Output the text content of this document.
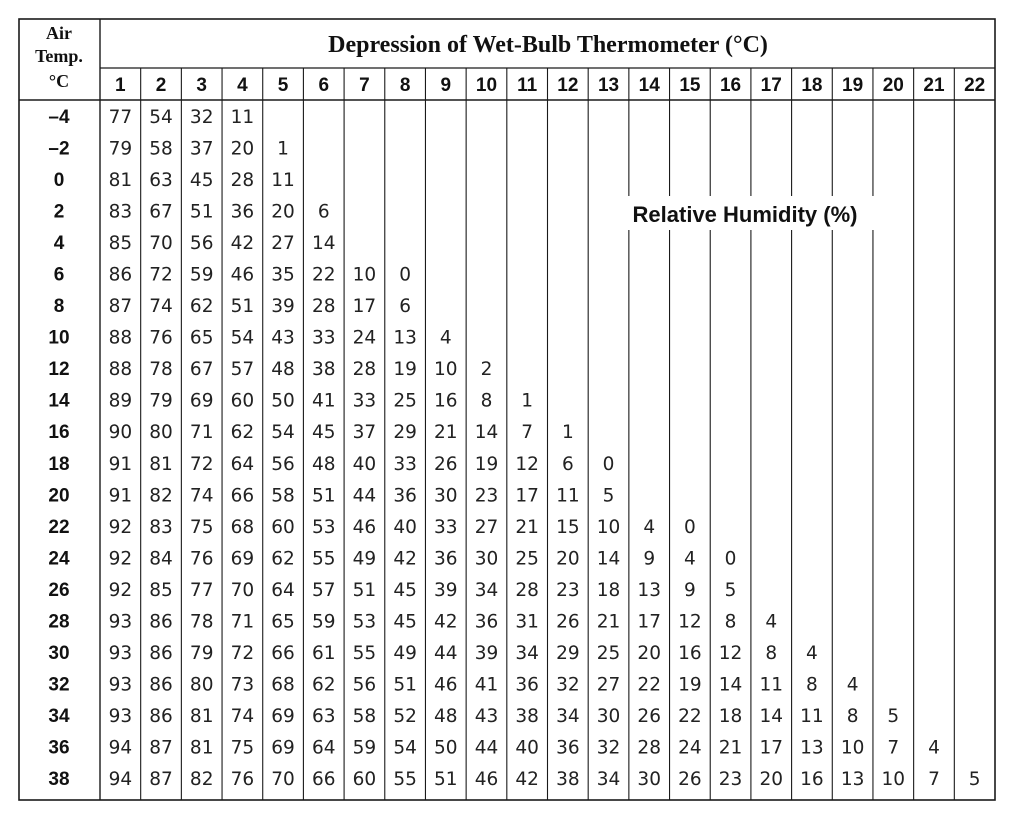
Air
Temp.
°C
Depression of Wet-Bulb Thermometer (°C)
1 2 3 4 5 6 7 8 9 10 11 12 13 14 15 16 17 18 19 20 21 22
–4 77 54 32 11
–2 79 58 37 20 1
0 81 63 45 28 11
2 83 67 51 36 20 6
4 85 70 56 42 27 14
6 86 72 59 46 35 22 10 0
8 87 74 62 51 39 28 17 6
10 88 76 65 54 43 33 24 13 4
12 88 78 67 57 48 38 28 19 10 2
14 89 79 69 60 50 41 33 25 16 8 1
16 90 80 71 62 54 45 37 29 21 14 7 1
18 91 81 72 64 56 48 40 33 26 19 12 6 0
20 91 82 74 66 58 51 44 36 30 23 17 11 5
22 92 83 75 68 60 53 46 40 33 27 21 15 10 4 0
24 92 84 76 69 62 55 49 42 36 30 25 20 14 9 4 0
26 92 85 77 70 64 57 51 45 39 34 28 23 18 13 9 5
28 93 86 78 71 65 59 53 45 42 36 31 26 21 17 12 8 4
30 93 86 79 72 66 61 55 49 44 39 34 29 25 20 16 12 8 4
32 93 86 80 73 68 62 56 51 46 41 36 32 27 22 19 14 11 8 4
34 93 86 81 74 69 63 58 52 48 43 38 34 30 26 22 18 14 11 8 5
36 94 87 81 75 69 64 59 54 50 44 40 36 32 28 24 21 17 13 10 7 4
38 94 87 82 76 70 66 60 55 51 46 42 38 34 30 26 23 20 16 13 10 7 5
Relative Humidity (%)
